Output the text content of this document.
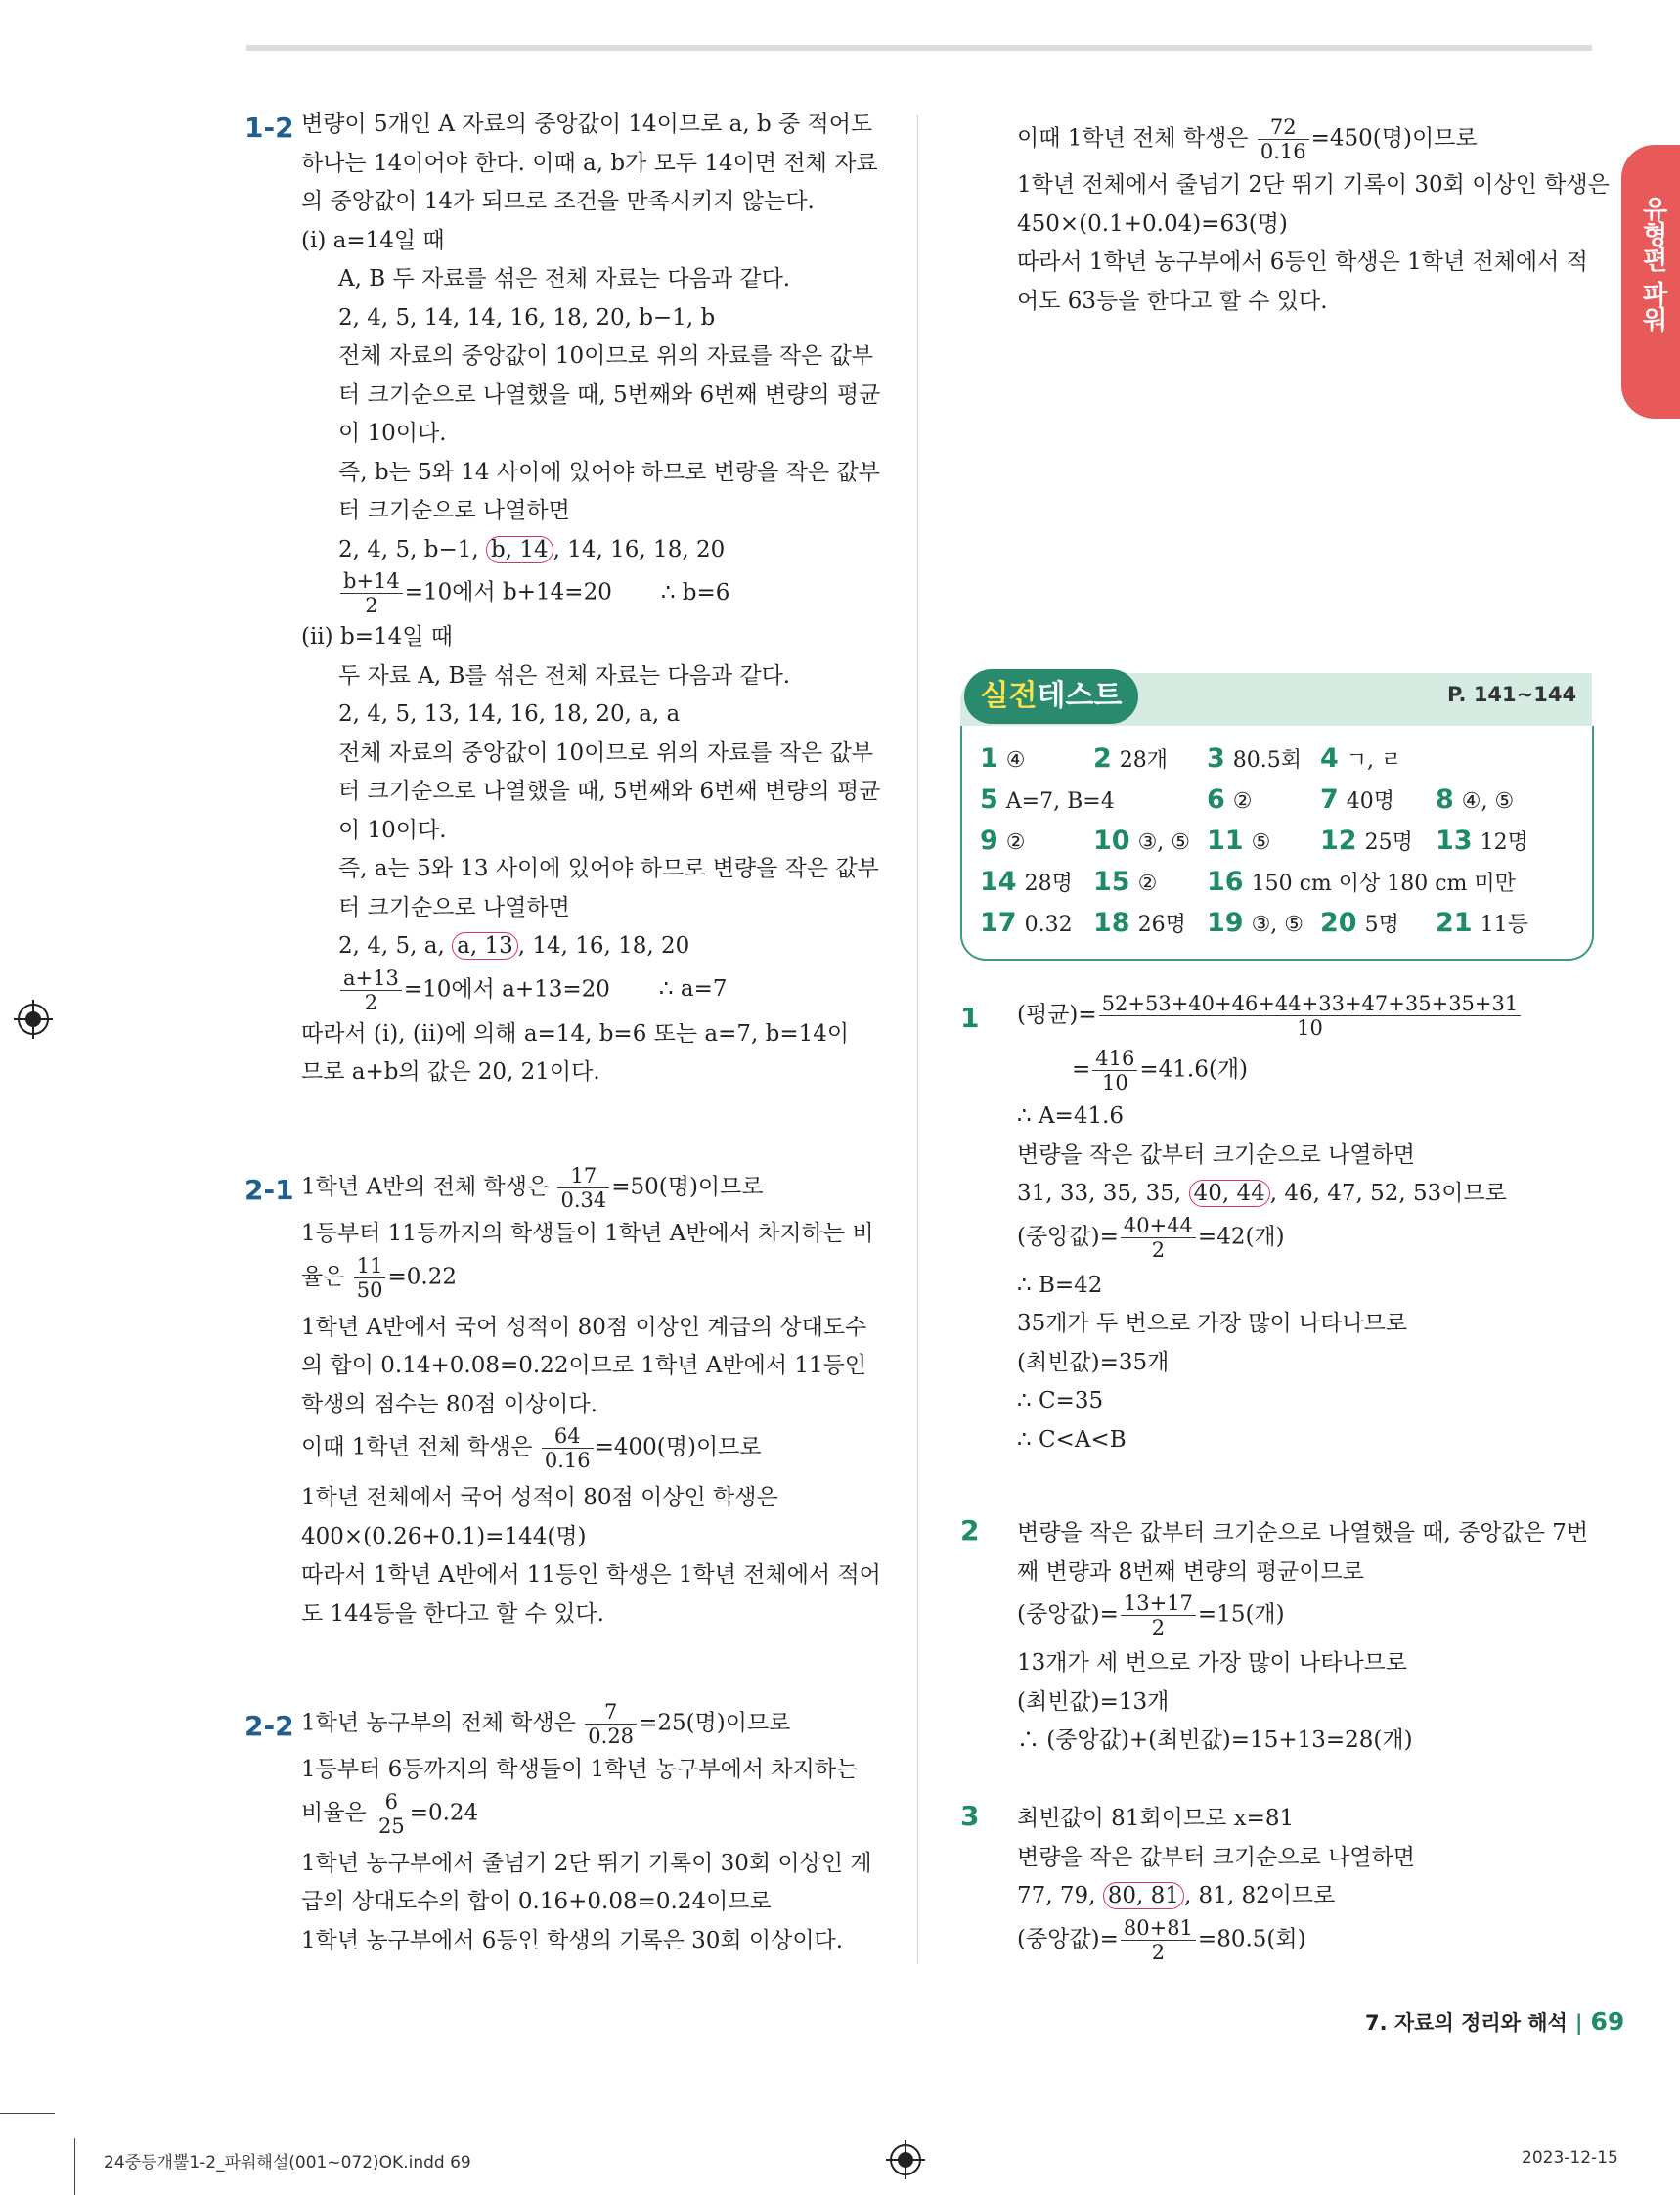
유형편 파워
1-2 변량이 5개인 A 자료의 중앙값이 14이므로 a, b 중 적어도
하나는 14이어야 한다. 이때 a, b가 모두 14이면 전체 자료
의 중앙값이 14가 되므로 조건을 만족시키지 않는다.
(ⅰ) a=14일 때
A, B 두 자료를 섞은 전체 자료는 다음과 같다.
2, 4, 5, 14, 14, 16, 18, 20, b−1, b
전체 자료의 중앙값이 10이므로 위의 자료를 작은 값부
터 크기순으로 나열했을 때, 5번째와 6번째 변량의 평균
이 10이다.
즉, b는 5와 14 사이에 있어야 하므로 변량을 작은 값부
터 크기순으로 나열하면
2, 4, 5, b−1, b, 14 , 14, 16, 18, 20
$\frac{b+14}{2} =10$에서 b+14=20 ∴ b=6
(ⅱ) b=14일 때
두 자료 A, B를 섞은 전체 자료는 다음과 같다.
2, 4, 5, 13, 14, 16, 18, 20, a, a
전체 자료의 중앙값이 10이므로 위의 자료를 작은 값부
터 크기순으로 나열했을 때, 5번째와 6번째 변량의 평균
이 10이다.
즉, a는 5와 13 사이에 있어야 하므로 변량을 작은 값부
터 크기순으로 나열하면
2, 4, 5, a, a, 13 , 14, 16, 18, 20
$\frac{a+13}{2} =10$에서 a+13=20 ∴ a=7
따라서 (ⅰ), (ⅱ)에 의해 a=14, b=6 또는 a=7, b=14이
므로 a+b의 값은 20, 21이다.
2-1 1학년 A반의 전체 학생은 $\frac{17}{0.34} =50$(명)이므로
1등부터 11등까지의 학생들이 1학년 A반에서 차지하는 비
율은 $\frac{11}{50} =0.22$
1학년 A반에서 국어 성적이 80점 이상인 계급의 상대도수
의 합이 0.14+0.08=0.22이므로 1학년 A반에서 11등인
학생의 점수는 80점 이상이다.
이때 1학년 전체 학생은 $\frac{64}{0.16} =400$(명)이므로
1학년 전체에서 국어 성적이 80점 이상인 학생은
400×(0.26+0.1)=144(명)
따라서 1학년 A반에서 11등인 학생은 1학년 전체에서 적어
도 144등을 한다고 할 수 있다.
2-2 1학년 농구부의 전체 학생은 $\frac{7}{0.28} =25$(명)이므로
1등부터 6등까지의 학생들이 1학년 농구부에서 차지하는
비율은 $\frac{6}{25} =0.24$
1학년 농구부에서 줄넘기 2단 뛰기 기록이 30회 이상인 계
급의 상대도수의 합이 0.16+0.08=0.24이므로
1학년 농구부에서 6등인 학생의 기록은 30회 이상이다.
이때 1학년 전체 학생은 $\frac{72}{0.16} =450$(명)이므로
1학년 전체에서 줄넘기 2단 뛰기 기록이 30회 이상인 학생은
450×(0.1+0.04)=63(명)
따라서 1학년 농구부에서 6등인 학생은 1학년 전체에서 적
어도 63등을 한다고 할 수 있다.
실전테스트	P. 141∼144
1 ④	2 28개 3 80.5회 4 ㄱ, ㄹ
5 A=7, B=4	6 ②	7 40명 8 ④, ⑤
9 ②	10 ③, ⑤ 11 ⑤ 12 25명 13 12명
14 28명 15 ② 16 150 cm 이상 180 cm 미만
17 0.32 18 26명 19 ③, ⑤ 20 5명 21 11등
1 (평균)= $\frac{52+53+40+46+44+33+47+35+35+31}{10}$
= $\frac{416}{10} =41.6$(개)
∴ A=41.6
변량을 작은 값부터 크기순으로 나열하면
31, 33, 35, 35, 40, 44 , 46, 47, 52, 53이므로
(중앙값)= $\frac{40+44}{2} =42$(개)
∴ B=42
35개가 두 번으로 가장 많이 나타나므로
(최빈값)=35개
∴ C=35
∴ C<A<B
2 변량을 작은 값부터 크기순으로 나열했을 때, 중앙값은 7번
째 변량과 8번째 변량의 평균이므로
(중앙값)= $\frac{13+17}{2} =15$(개)
13개가 세 번으로 가장 많이 나타나므로
(최빈값)=13개
∴ (중앙값)+(최빈값)=15+13=28(개)
3 최빈값이 81회이므로 x=81
변량을 작은 값부터 크기순으로 나열하면
77, 79, 80, 81 , 81, 82이므로
(중앙값)= $\frac{80+81}{2} =80.5$(회)
7. 자료의 정리와 해석 | 69
24중등개뿔1-2_파워해설(001~072)OK.indd 69	2023-12-15
